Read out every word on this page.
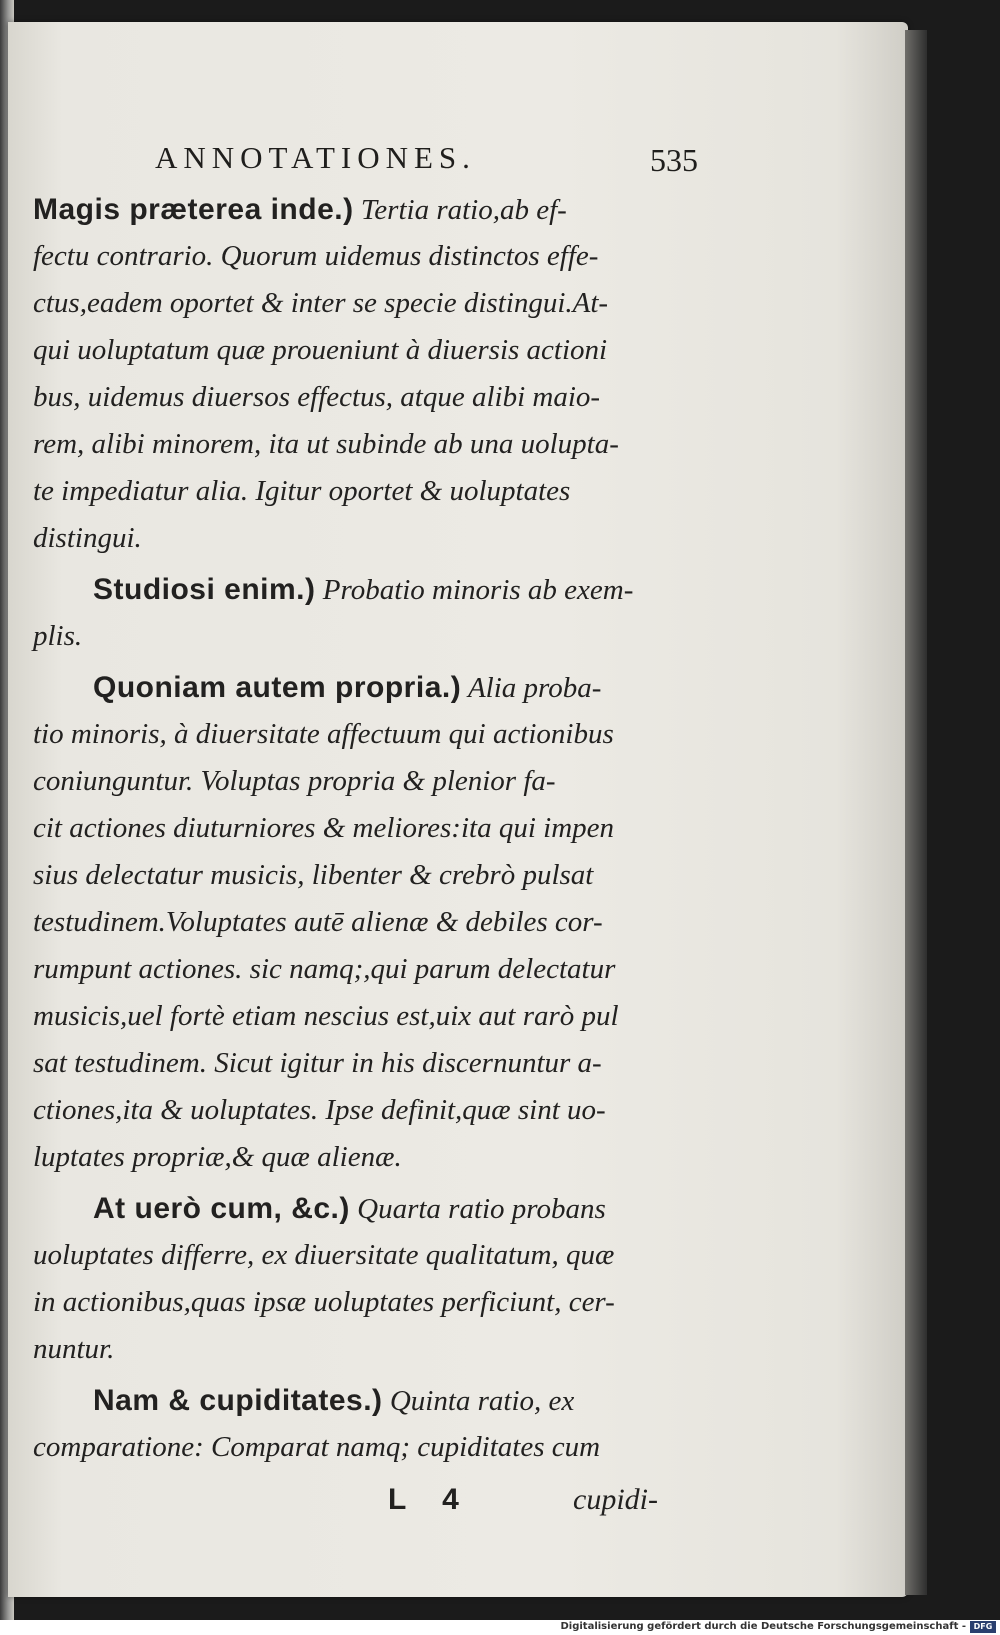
ANNOTATIONES.	535
Magis præterea inde.) Tertia ratio,ab ef-
fectu contrario. Quorum uidemus distinctos effe-
ctus,eadem oportet & inter se specie distingui.At-
qui uoluptatum quæ proueniunt à diuersis actioni
bus, uidemus diuersos effectus, atque alibi maio-
rem, alibi minorem, ita ut subinde ab una uolupta-
te impediatur alia. Igitur oportet & uoluptates
distingui.
Studiosi enim.) Probatio minoris ab exem-
plis.
Quoniam autem propria.) Alia proba-
tio minoris, à diuersitate affectuum qui actionibus
coniunguntur. Voluptas propria & plenior fa-
cit actiones diuturniores & meliores:ita qui impen
sius delectatur musicis, libenter & crebrò pulsat
testudinem.Voluptates autē alienæ & debiles cor-
rumpunt actiones. sic namq;,qui parum delectatur
musicis,uel fortè etiam nescius est,uix aut rarò pul
sat testudinem. Sicut igitur in his discernuntur a-
ctiones,ita & uoluptates. Ipse definit,quæ sint uo-
luptates propriæ,& quæ alienæ.
At uerò cum, &c.) Quarta ratio probans
uoluptates differre, ex diuersitate qualitatum, quæ
in actionibus,quas ipsæ uoluptates perficiunt, cer-
nuntur.
Nam & cupiditates.) Quinta ratio, ex
comparatione: Comparat namq; cupiditates cum
L 4	cupidi-
Digitalisierung gefördert durch die Deutsche Forschungsgemeinschaft - DFG
